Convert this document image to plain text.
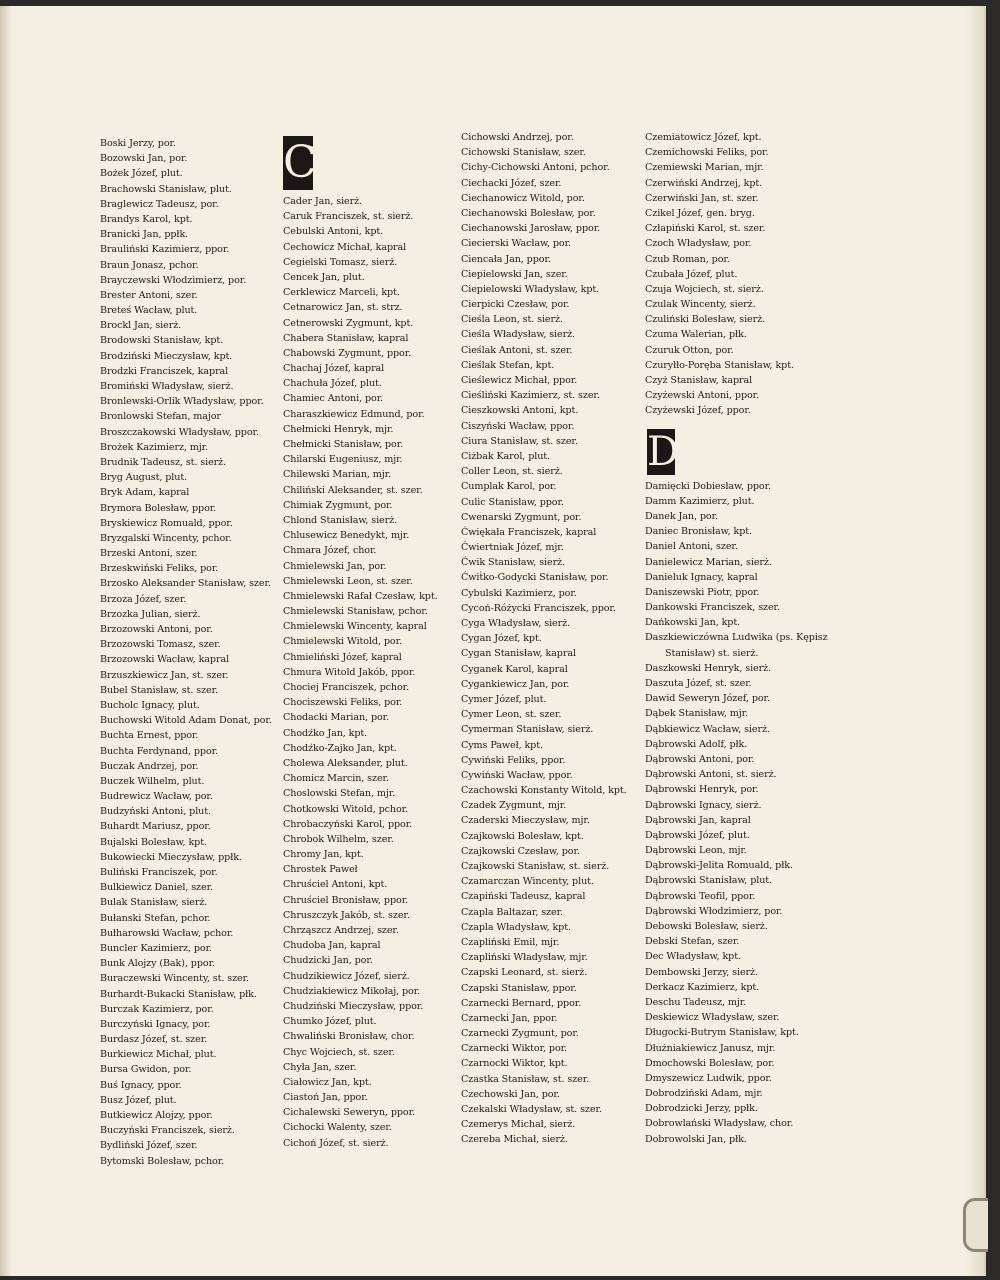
Boski Jerzy, por.
Bozowski Jan, por.
Bożek Józef, plut.
Brachowski Stanisław, plut.
Braglewicz Tadeusz, por.
Brandys Karol, kpt.
Branicki Jan, ppłk.
Brauliński Kazimierz, ppor.
Braun Jonasz, pchor.
Brayczewski Włodzimierz, por.
Brester Antoni, szer.
Breteś Wacław, plut.
Brockl Jan, sierż.
Brodowski Stanisław, kpt.
Brodziński Mieczysław, kpt.
Brodzki Franciszek, kapral
Bromiński Władysław, sierż.
Bronlewski-Orlik Władysław, ppor.
Bronlowski Stefan, major
Broszczakowski Władysław, ppor.
Brożek Kazimierz, mjr.
Brudnik Tadeusz, st. sierż.
Bryg August, plut.
Bryk Adam, kapral
Brymora Bolesław, ppor.
Bryskiewicz Romuald, ppor.
Bryzgalski Wincenty, pchor.
Brzeski Antoni, szer.
Brzeskwiński Feliks, por.
Brzosko Aleksander Stanisław, szer.
Brzoza Józef, szer.
Brzozka Julian, sierż.
Brzozowski Antoni, por.
Brzozowski Tomasz, szer.
Brzozowski Wacław, kapral
Brzuszkiewicz Jan, st. szer.
Bubel Stanisław, st. szer.
Bucholc Ignacy, plut.
Buchowski Witold Adam Donat, por.
Buchta Ernest, ppor.
Buchta Ferdynand, ppor.
Buczak Andrzej, por.
Buczek Wilhelm, plut.
Budrewicz Wacław, por.
Budzyński Antoni, plut.
Buhardt Mariusz, ppor.
Bujalski Bolesław, kpt.
Bukowiecki Mieczysław, ppłk.
Buliński Franciszek, por.
Bulkiewicz Daniel, szer.
Bulak Stanisław, sierż.
Bułanski Stefan, pchor.
Bułharowski Wacław, pchor.
Buncler Kazimierz, por.
Bunk Alojzy (Bak), ppor.
Buraczewski Wincenty, st. szer.
Burhardt-Bukacki Stanisław, płk.
Burczak Kazimierz, por.
Burczyński Ignacy, por.
Burdasz Józef, st. szer.
Burkiewicz Michał, plut.
Bursa Gwidon, por.
Buś Ignacy, ppor.
Busz Józef, plut.
Butkiewicz Alojzy, ppor.
Buczyński Franciszek, sierż.
Bydliński Józef, szer.
Bytomski Bolesław, pchor.
C
Cader Jan, sierż.
Caruk Franciszek, st. sierż.
Cebulski Antoni, kpt.
Cechowicz Michał, kapral
Cegielski Tomasz, sierż.
Cencek Jan, plut.
Cerklewicz Marceli, kpt.
Cetnarowicz Jan, st. strz.
Cetnerowski Zygmunt, kpt.
Chabera Stanisław, kapral
Chabowski Zygmunt, ppor.
Chachaj Józef, kapral
Chachuła Józef, plut.
Chamiec Antoni, por.
Charaszkiewicz Edmund, por.
Chełmicki Henryk, mjr.
Chełmicki Stanisław, por.
Chilarski Eugeniusz, mjr.
Chilewski Marian, mjr.
Chiliński Aleksander, st. szer.
Chimiak Zygmunt, por.
Chlond Stanisław, sierż.
Chlusewicz Benedykt, mjr.
Chmara Józef, chor.
Chmielewski Jan, por.
Chmielewski Leon, st. szer.
Chmielewski Rafał Czesław, kpt.
Chmielewski Stanisław, pchor.
Chmielewski Wincenty, kapral
Chmielewski Witold, por.
Chmieliński Józef, kapral
Chmura Witold Jakób, ppor.
Chociej Franciszek, pchor.
Chociszewski Feliks, por.
Chodacki Marian, por.
Chodźko Jan, kpt.
Chodźko-Zajko Jan, kpt.
Cholewa Aleksander, plut.
Chomicz Marcin, szer.
Choslowski Stefan, mjr.
Chotkowski Witold, pchor.
Chrobaczyński Karol, ppor.
Chrobok Wilhelm, szer.
Chromy Jan, kpt.
Chrostek Paweł
Chruściel Antoni, kpt.
Chruściel Bronisław, ppor.
Chruszczyk Jakób, st. szer.
Chrząszcz Andrzej, szer.
Chudoba Jan, kapral
Chudzicki Jan, por.
Chudzikiewicz Józef, sierż.
Chudziakiewicz Mikołaj, por.
Chudziński Mieczysław, ppor.
Chumko Józef, plut.
Chwaliński Bronisław, chor.
Chyc Wojciech, st. szer.
Chyła Jan, szer.
Ciałowicz Jan, kpt.
Ciastoń Jan, ppor.
Cichalewski Seweryn, ppor.
Cichocki Walenty, szer.
Cichoń Józef, st. sierż.
Cichowski Andrzej, por.
Cichowski Stanisław, szer.
Cichy-Cichowski Antoni, pchor.
Ciechacki Józef, szer.
Ciechanowicz Witold, por.
Ciechanowski Bolesław, por.
Ciechanowski Jarosław, ppor.
Ciecierski Wacław, por.
Ciencała Jan, ppor.
Ciepielowski Jan, szer.
Ciepielowski Władysław, kpt.
Cierpicki Czesław, por.
Cieśla Leon, st. sierż.
Cieśla Władysław, sierż.
Cieślak Antoni, st. szer.
Cieślak Stefan, kpt.
Cieślewicz Michał, ppor.
Cieśliński Kazimierz, st. szer.
Cieszkowski Antoni, kpt.
Ciszyński Wacław, ppor.
Ciura Stanisław, st. szer.
Ciżbak Karol, plut.
Coller Leon, st. sierż.
Cumplak Karol, por.
Culic Stanisław, ppor.
Cwenarski Zygmunt, por.
Ćwiękała Franciszek, kapral
Ćwiertniak Józef, mjr.
Ćwik Stanisław, sierż.
Ćwiṫko-Godycki Stanisław, por.
Cybulski Kazimierz, por.
Cycoń-Różycki Franciszek, ppor.
Cyga Władysław, sierż.
Cygan Józef, kpt.
Cygan Stanisław, kapral
Cyganek Karol, kapral
Cygankiewicz Jan, por.
Cymer Józef, plut.
Cymer Leon, st. szer.
Cymerman Stanisław, sierż.
Cyms Paweł, kpt.
Cywiński Feliks, ppor.
Cywiński Wacław, ppor.
Czachowski Konstanty Witold, kpt.
Czadek Zygmunt, mjr.
Czaderski Mieczysław, mjr.
Czajkowski Bolesław, kpt.
Czajkowski Czesław, por.
Czajkowski Stanisław, st. sierż.
Czamarczan Wincenty, plut.
Czapiński Tadeusz, kapral
Czapla Baltazar, szer.
Czapla Władysław, kpt.
Czapliński Emil, mjr.
Czapliński Władysław, mjr.
Czapski Leonard, st. sierż.
Czapski Stanisław, ppor.
Czarnecki Bernard, ppor.
Czarnecki Jan, ppor.
Czarnecki Zygmunt, por.
Czarnecki Wiktor, por.
Czarnocki Wiktor, kpt.
Czastka Stanisław, st. szer.
Czechowski Jan, por.
Czekalski Władysław, st. szer.
Czemerys Michał, sierż.
Czereba Michał, sierż.
Czemiatowicz Józef, kpt.
Czemichowski Feliks, por.
Czemiewski Marian, mjr.
Czerwiński Andrzej, kpt.
Czerwiński Jan, st. szer.
Czikel Józef, gen. bryg.
Człapiński Karol, st. szer.
Czoch Władysław, por.
Czub Roman, por.
Czubała Józef, plut.
Czuja Wojciech, st. sierż.
Czulak Wincenty, sierż.
Czuliński Bolesław, sierż.
Czuma Walerian, płk.
Czuruk Otton, por.
Czuryłło-Poręba Stanisław, kpt.
Czyż Stanisław, kapral
Czyżewski Antoni, ppor.
Czyżewski Józef, ppor.
D
Damięcki Dobiesław, ppor.
Damm Kazimierz, plut.
Danek Jan, por.
Daniec Bronisław, kpt.
Daniel Antoni, szer.
Danielewicz Marian, sierż.
Danieluk Ignacy, kapral
Daniszewski Piotr, ppor.
Dankowski Franciszek, szer.
Dańkowski Jan, kpt.
Daszkiewiczówna Ludwika (ps. Kępisz
Stanisław) st. sierż.
Daszkowski Henryk, sierż.
Daszuta Józef, st. szer.
Dawid Seweryn Józef, por.
Dąbek Stanisław, mjr.
Dąbkiewicz Wacław, sierż.
Dąbrowski Adolf, płk.
Dąbrowski Antoni, por.
Dąbrowski Antoni, st. sierż.
Dąbrowski Henryk, por.
Dąbrowski Ignacy, sierż.
Dąbrowski Jan, kapral
Dąbrowski Józef, plut.
Dąbrowski Leon, mjr.
Dąbrowski-Jelita Romuald, płk.
Dąbrowski Stanisław, plut.
Dąbrowski Teofil, ppor.
Dąbrowski Włodzimierz, por.
Debowski Bolesław, sierż.
Debski Stefan, szer.
Dec Władysław, kpt.
Dembowski Jerzy, sierż.
Derkacz Kazimierz, kpt.
Deschu Tadeusz, mjr.
Deskiewicz Władysław, szer.
Długocki-Butrym Stanisław, kpt.
Dłużniakiewicz Janusz, mjr.
Dmochowski Bolesław, por.
Dmyszewicz Ludwik, ppor.
Dobrodziński Adam, mjr.
Dobrodzicki Jerzy, ppłk.
Dobrowlański Władysław, chor.
Dobrowolski Jan, płk.
